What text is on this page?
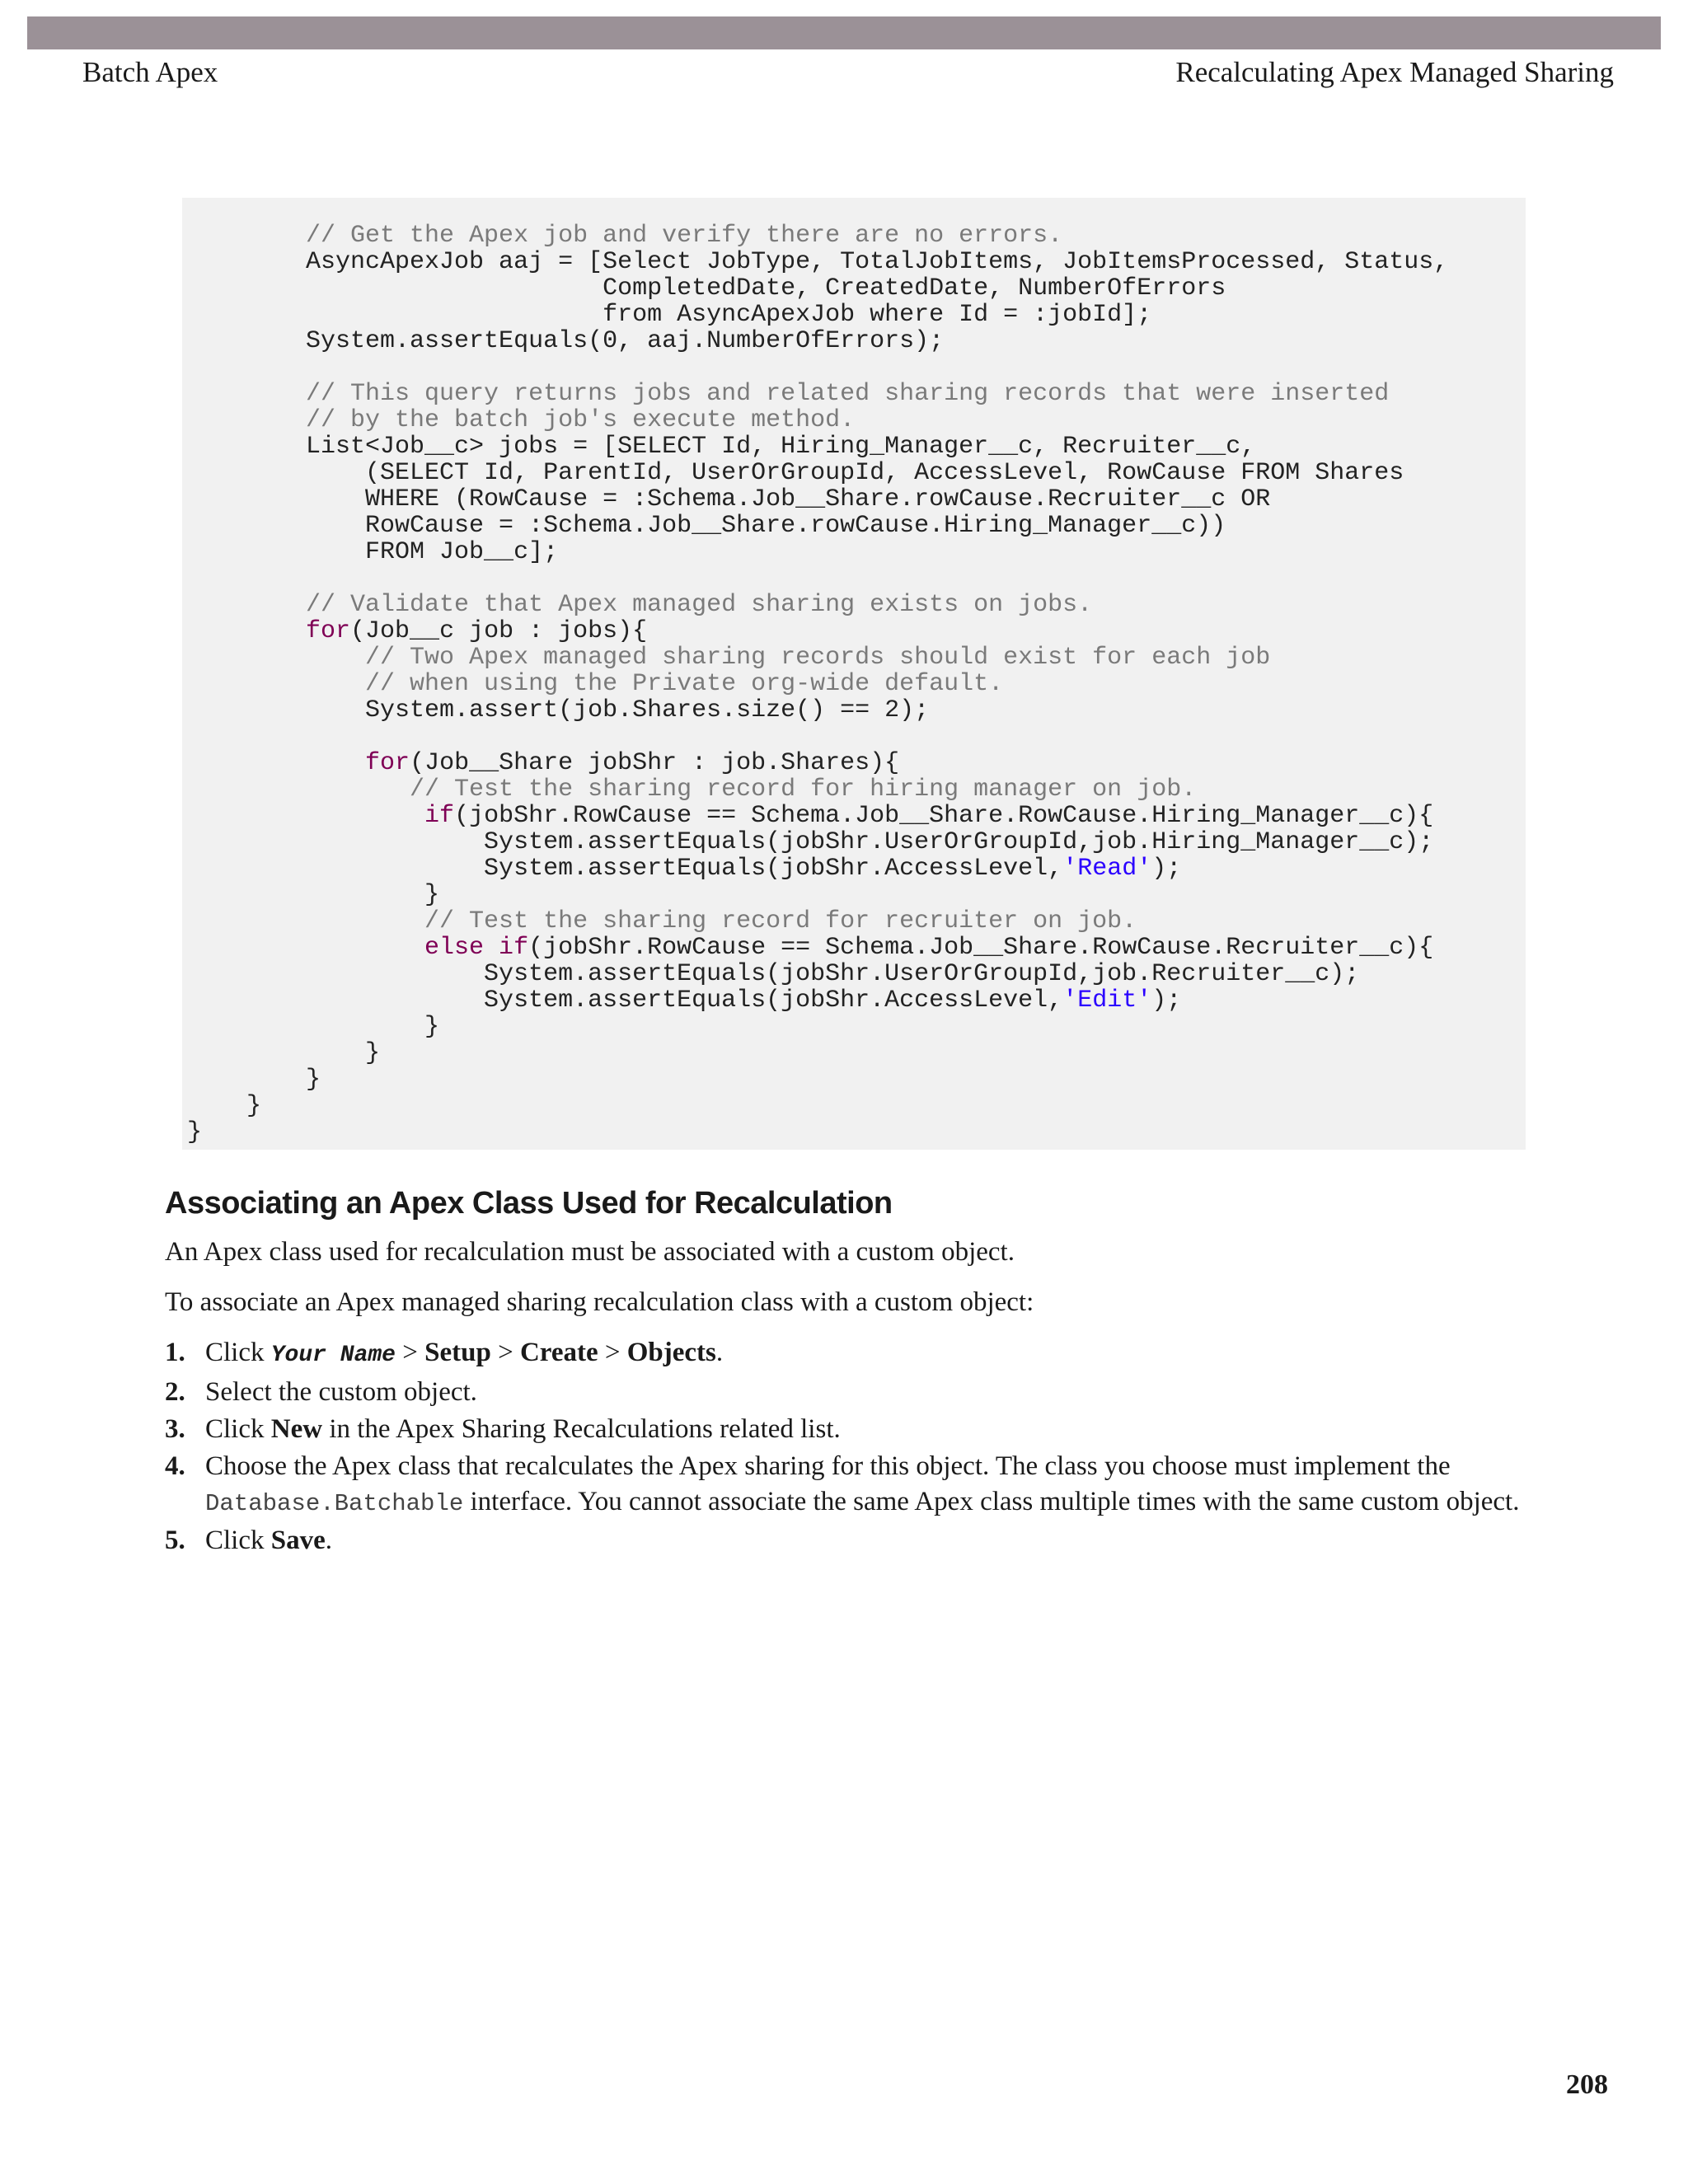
Batch Apex	Recalculating Apex Managed Sharing
// Get the Apex job and verify there are no errors.
AsyncApexJob aaj = [Select JobType, TotalJobItems, JobItemsProcessed, Status,
CompletedDate, CreatedDate, NumberOfErrors
from AsyncApexJob where Id = :jobId];
System.assertEquals(0, aaj.NumberOfErrors);

// This query returns jobs and related sharing records that were inserted
// by the batch job's execute method.
List<Job__c> jobs = [SELECT Id, Hiring_Manager__c, Recruiter__c,
(SELECT Id, ParentId, UserOrGroupId, AccessLevel, RowCause FROM Shares
WHERE (RowCause = :Schema.Job__Share.rowCause.Recruiter__c OR
RowCause = :Schema.Job__Share.rowCause.Hiring_Manager__c))
FROM Job__c];

// Validate that Apex managed sharing exists on jobs.
for(Job__c job : jobs){
// Two Apex managed sharing records should exist for each job
// when using the Private org-wide default.
System.assert(job.Shares.size() == 2);

for(Job__Share jobShr : job.Shares){
// Test the sharing record for hiring manager on job.
if(jobShr.RowCause == Schema.Job__Share.RowCause.Hiring_Manager__c){
System.assertEquals(jobShr.UserOrGroupId,job.Hiring_Manager__c);
System.assertEquals(jobShr.AccessLevel,'Read');
}
// Test the sharing record for recruiter on job.
else if(jobShr.RowCause == Schema.Job__Share.RowCause.Recruiter__c){
System.assertEquals(jobShr.UserOrGroupId,job.Recruiter__c);
System.assertEquals(jobShr.AccessLevel,'Edit');
}
}
}
}
}
Associating an Apex Class Used for Recalculation

An Apex class used for recalculation must be associated with a custom object.

To associate an Apex managed sharing recalculation class with a custom object:

1. Click Your Name > Setup > Create > Objects.
2. Select the custom object.
3. Click New in the Apex Sharing Recalculations related list.
4. Choose the Apex class that recalculates the Apex sharing for this object. The class you choose must implement the Database.Batchable interface. You cannot associate the same Apex class multiple times with the same custom object.
5. Click Save.
208
